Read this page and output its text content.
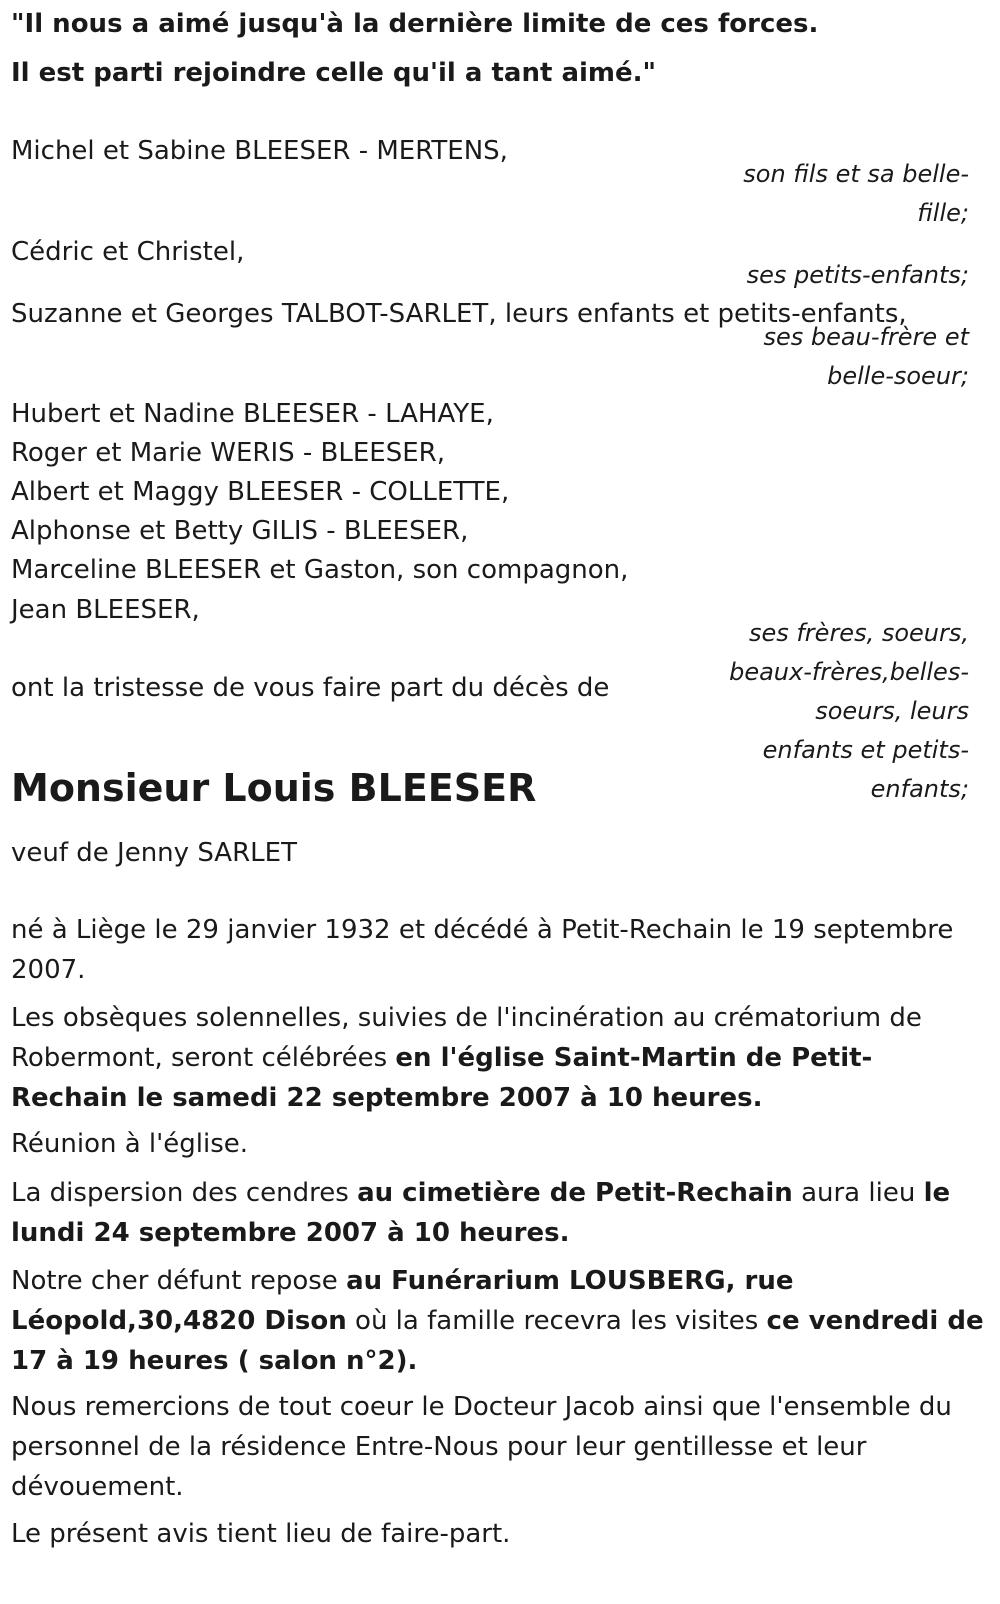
"Il nous a aimé jusqu'à la dernière limite de ces forces.
Il est parti rejoindre celle qu'il a tant aimé."
Michel et Sabine BLEESER - MERTENS,
son fils et sa belle-
fille;
Cédric et Christel,
ses petits-enfants;
Suzanne et Georges TALBOT-SARLET, leurs enfants et petits-enfants,
ses beau-frère et
belle-soeur;
Hubert et Nadine BLEESER - LAHAYE,
Roger et Marie WERIS - BLEESER,
Albert et Maggy BLEESER - COLLETTE,
Alphonse et Betty GILIS - BLEESER,
Marceline BLEESER et Gaston, son compagnon,
Jean BLEESER,
ses frères, soeurs,
beaux-frères,belles-
soeurs, leurs
enfants et petits-
enfants;
ont la tristesse de vous faire part du décès de
Monsieur Louis BLEESER
veuf de Jenny SARLET
né à Liège le 29 janvier 1932 et décédé à Petit-Rechain le 19 septembre 2007.
Les obsèques solennelles, suivies de l'incinération au crématorium de Robermont, seront célébrées en l'église Saint-Martin de Petit-Rechain le samedi 22 septembre 2007 à 10 heures.
Réunion à l'église.
La dispersion des cendres au cimetière de Petit-Rechain aura lieu le lundi 24 septembre 2007 à 10 heures.
Notre cher défunt repose au Funérarium LOUSBERG, rue Léopold,30,4820 Dison où la famille recevra les visites ce vendredi de 17 à 19 heures ( salon n°2).
Nous remercions de tout coeur le Docteur Jacob ainsi que l'ensemble du personnel de la résidence Entre-Nous pour leur gentillesse et leur dévouement.
Le présent avis tient lieu de faire-part.
